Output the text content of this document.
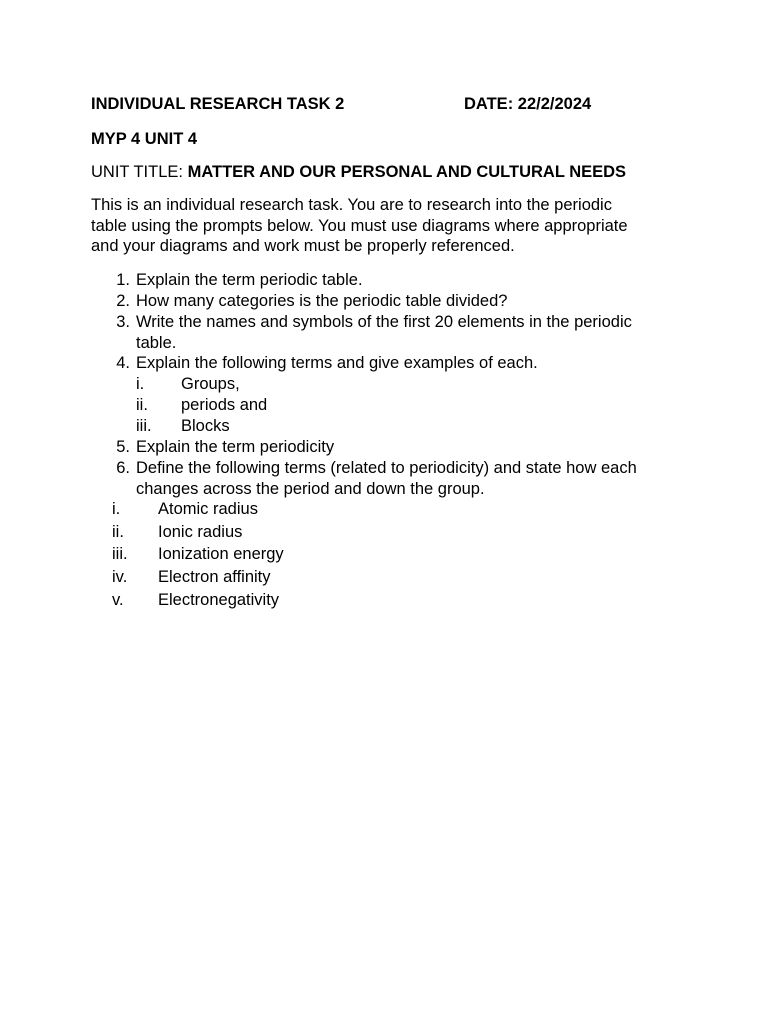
INDIVIDUAL RESEARCH TASK 2	DATE: 22/2/2024
MYP 4 UNIT 4
UNIT TITLE: MATTER AND OUR PERSONAL AND CULTURAL NEEDS
This is an individual research task. You are to research into the periodic
table using the prompts below. You must use diagrams where appropriate
and your diagrams and work must be properly referenced.
1. Explain the term periodic table.
2. How many categories is the periodic table divided?
3. Write the names and symbols of the first 20 elements in the periodic
table.
4. Explain the following terms and give examples of each.
i. Groups,
ii. periods and
iii. Blocks
5. Explain the term periodicity
6. Define the following terms (related to periodicity) and state how each
changes across the period and down the group.
i. Atomic radius
ii. Ionic radius
iii. Ionization energy
iv. Electron affinity
v. Electronegativity
